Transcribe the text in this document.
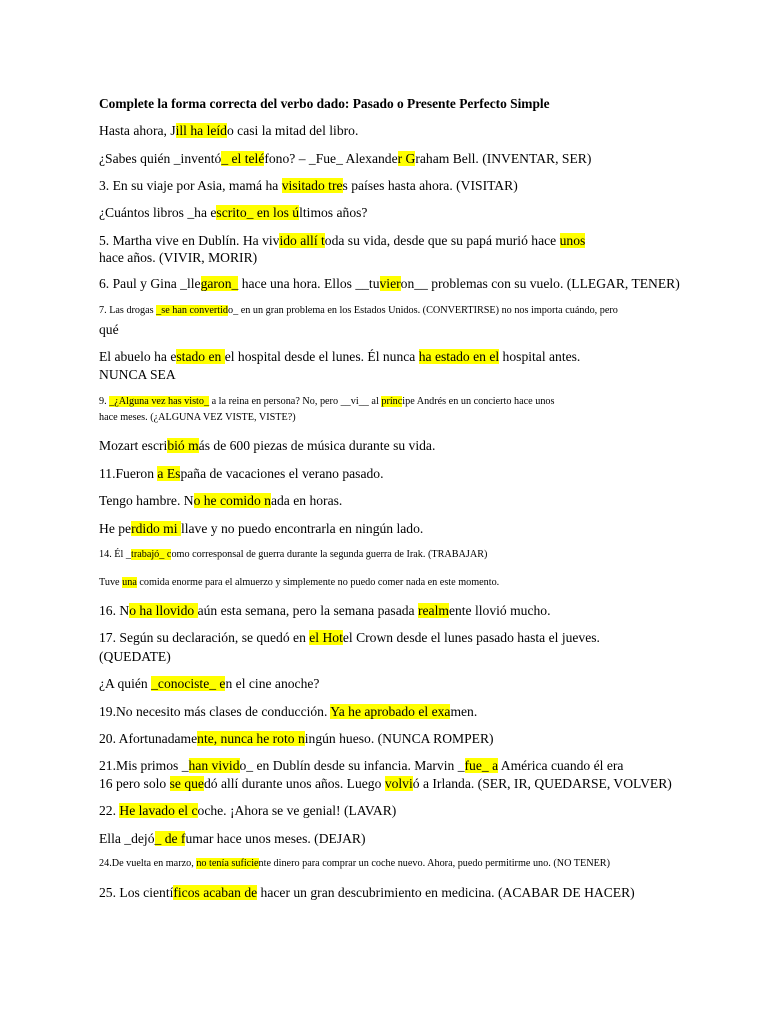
Complete la forma correcta del verbo dado: Pasado o Presente Perfecto Simple
Hasta ahora, Jill ha leído casi la mitad del libro.
¿Sabes quién _inventó_ el teléfono? – _Fue_ Alexander Graham Bell. (INVENTAR, SER)
3. En su viaje por Asia, mamá ha visitado tres países hasta ahora. (VISITAR)
¿Cuántos libros _ha escrito_ en los últimos años?
5. Martha vive en Dublín. Ha vivido allí toda su vida, desde que su papá murió hace unos
hace años. (VIVIR, MORIR)
6. Paul y Gina _llegaron_ hace una hora. Ellos __tuvieron__ problemas con su vuelo. (LLEGAR, TENER)
7. Las drogas _se han convertido_ en un gran problema en los Estados Unidos. (CONVERTIRSE) no nos importa cuándo, pero
qué
El abuelo ha estado en el hospital desde el lunes. Él nunca ha estado en el hospital antes.
NUNCA SEA
9. _¿Alguna vez has visto_ a la reina en persona? No, pero __vi__ al príncipe Andrés en un concierto hace unos
hace meses. (¿ALGUNA VEZ VISTE, VISTE?)
Mozart escribió más de 600 piezas de música durante su vida.
11.Fueron a España de vacaciones el verano pasado.
Tengo hambre. No he comido nada en horas.
He perdido mi llave y no puedo encontrarla en ningún lado.
14. Él _trabajó_ como corresponsal de guerra durante la segunda guerra de Irak. (TRABAJAR)
Tuve una comida enorme para el almuerzo y simplemente no puedo comer nada en este momento.
16. No ha llovido aún esta semana, pero la semana pasada realmente llovió mucho.
17. Según su declaración, se quedó en el Hotel Crown desde el lunes pasado hasta el jueves.
(QUEDATE)
¿A quién _conociste_ en el cine anoche?
19.No necesito más clases de conducción. Ya he aprobado el examen.
20. Afortunadamente, nunca he roto ningún hueso. (NUNCA ROMPER)
21.Mis primos _han vivido_ en Dublín desde su infancia. Marvin _fue_ a América cuando él era
16 pero solo se quedó allí durante unos años. Luego volvió a Irlanda. (SER, IR, QUEDARSE, VOLVER)
22. He lavado el coche. ¡Ahora se ve genial! (LAVAR)
Ella _dejó_ de fumar hace unos meses. (DEJAR)
24.De vuelta en marzo, no tenía suficiente dinero para comprar un coche nuevo. Ahora, puedo permitirme uno. (NO TENER)
25. Los científicos acaban de hacer un gran descubrimiento en medicina. (ACABAR DE HACER)
